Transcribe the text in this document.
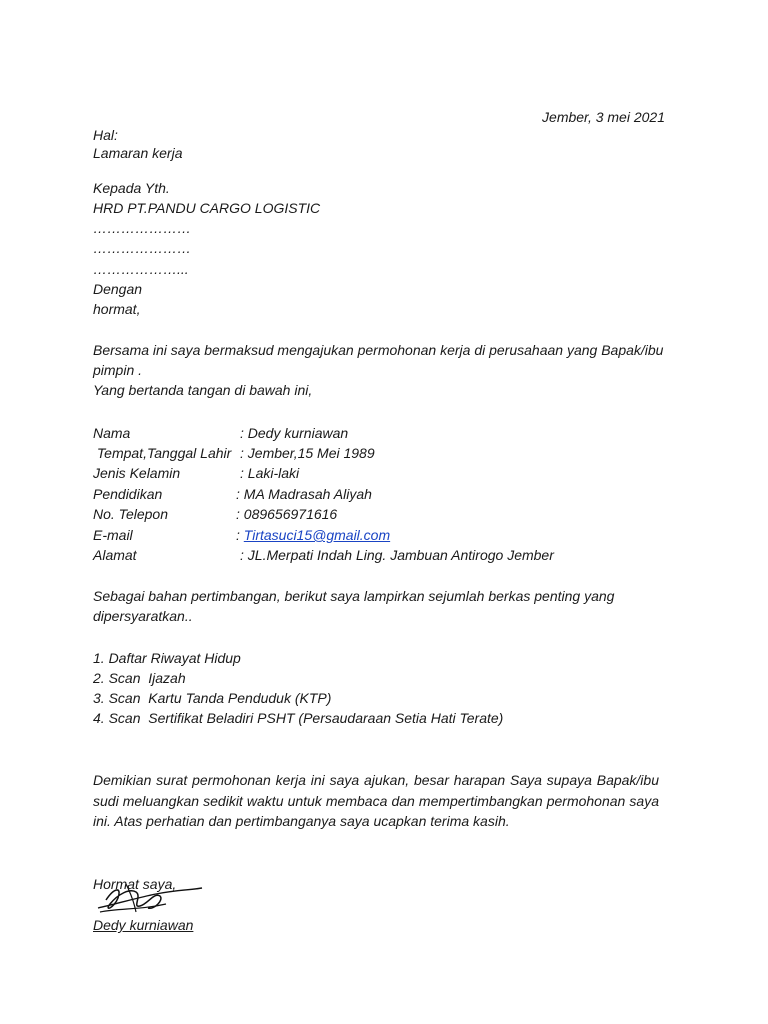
Jember, 3 mei 2021
Hal:
Lamaran kerja
Kepada Yth.
HRD PT.PANDU CARGO LOGISTIC
…………………
…………………
………………...
Dengan
hormat,
Bersama ini saya bermaksud mengajukan permohonan kerja di perusahaan yang Bapak/ibu
pimpin .
Yang bertanda tangan di bawah ini,
Nama	: Dedy kurniawan
Tempat,Tanggal Lahir : Jember,15 Mei 1989
Jenis Kelamin	: Laki-laki
Pendidikan	: MA Madrasah Aliyah
No. Telepon	: 089656971616
E-mail	: Tirtasuci15@gmail.com
Alamat	: JL.Merpati Indah Ling. Jambuan Antirogo Jember
Sebagai bahan pertimbangan, berikut saya lampirkan sejumlah berkas penting yang
dipersyaratkan..
1. Daftar Riwayat Hidup
2. Scan  Ijazah
3. Scan  Kartu Tanda Penduduk (KTP)
4. Scan  Sertifikat Beladiri PSHT (Persaudaraan Setia Hati Terate)
Demikian surat permohonan kerja ini saya ajukan, besar harapan Saya supaya Bapak/ibu sudi meluangkan sedikit waktu untuk membaca dan mempertimbangkan permohonan saya ini. Atas perhatian dan pertimbanganya saya ucapkan terima kasih.
Hormat saya,
Dedy kurniawan
